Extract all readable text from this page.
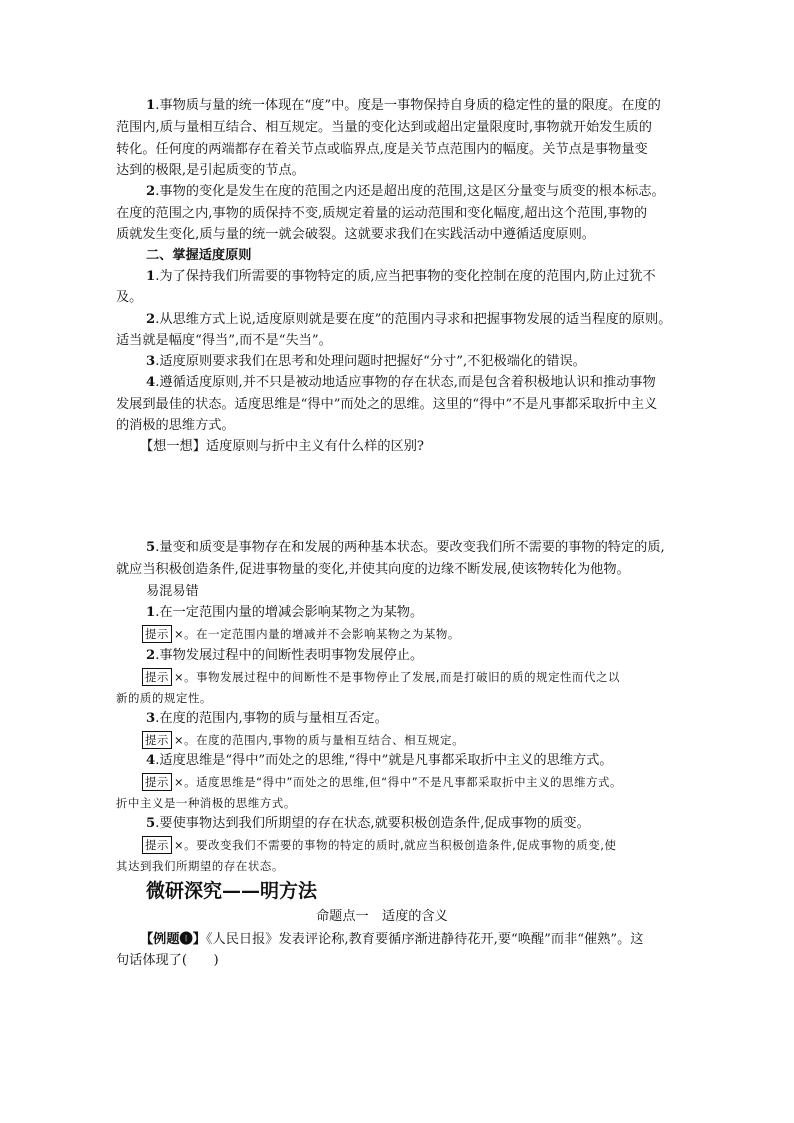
1.事物质与量的统一体现在“度”中。度是一事物保持自身质的稳定性的量的限度。在度的
范围内,质与量相互结合、相互规定。当量的变化达到或超出定量限度时,事物就开始发生质的
转化。任何度的两端都存在着关节点或临界点,度是关节点范围内的幅度。关节点是事物量变
达到的极限,是引起质变的节点。
2.事物的变化是发生在度的范围之内还是超出度的范围,这是区分量变与质变的根本标志。
在度的范围之内,事物的质保持不变,质规定着量的运动范围和变化幅度,超出这个范围,事物的
质就发生变化,质与量的统一就会破裂。这就要求我们在实践活动中遵循适度原则。
二、掌握适度原则
1.为了保持我们所需要的事物特定的质,应当把事物的变化控制在度的范围内,防止过犹不
及。
2.从思维方式上说,适度原则就是要在度”的范围内寻求和把握事物发展的适当程度的原则。
适当就是幅度“得当”,而不是“失当”。
3.适度原则要求我们在思考和处理问题时把握好“分寸”,不犯极端化的错误。
4.遵循适度原则,并不只是被动地适应事物的存在状态,而是包含着积极地认识和推动事物
发展到最佳的状态。适度思维是“得中”而处之的思维。这里的“得中”不是凡事都采取折中主义
的消极的思维方式。
【想一想】适度原则与折中主义有什么样的区别?
5.量变和质变是事物存在和发展的两种基本状态。要改变我们所不需要的事物的特定的质,
就应当积极创造条件,促进事物量的变化,并使其向度的边缘不断发展,使该物转化为他物。
易混易错
1.在一定范围内量的增减会影响某物之为某物。
提示 ×。在一定范围内量的增减并不会影响某物之为某物。
2.事物发展过程中的间断性表明事物发展停止。
提示 ×。事物发展过程中的间断性不是事物停止了发展,而是打破旧的质的规定性而代之以
新的质的规定性。
3.在度的范围内,事物的质与量相互否定。
提示 ×。在度的范围内,事物的质与量相互结合、相互规定。
4.适度思维是“得中”而处之的思维,“得中”就是凡事都采取折中主义的思维方式。
提示 ×。适度思维是“得中”而处之的思维,但“得中”不是凡事都采取折中主义的思维方式。
折中主义是一种消极的思维方式。
5.要使事物达到我们所期望的存在状态,就要积极创造条件,促成事物的质变。
提示 ×。要改变我们不需要的事物的特定的质时,就应当积极创造条件,促成事物的质变,使
其达到我们所期望的存在状态。
微研深究——明方法
命题点一　适度的含义
【例题❶】《人民日报》发表评论称,教育要循序渐进静待花开,要“唤醒”而非“催熟”。这
句话体现了(　　)
